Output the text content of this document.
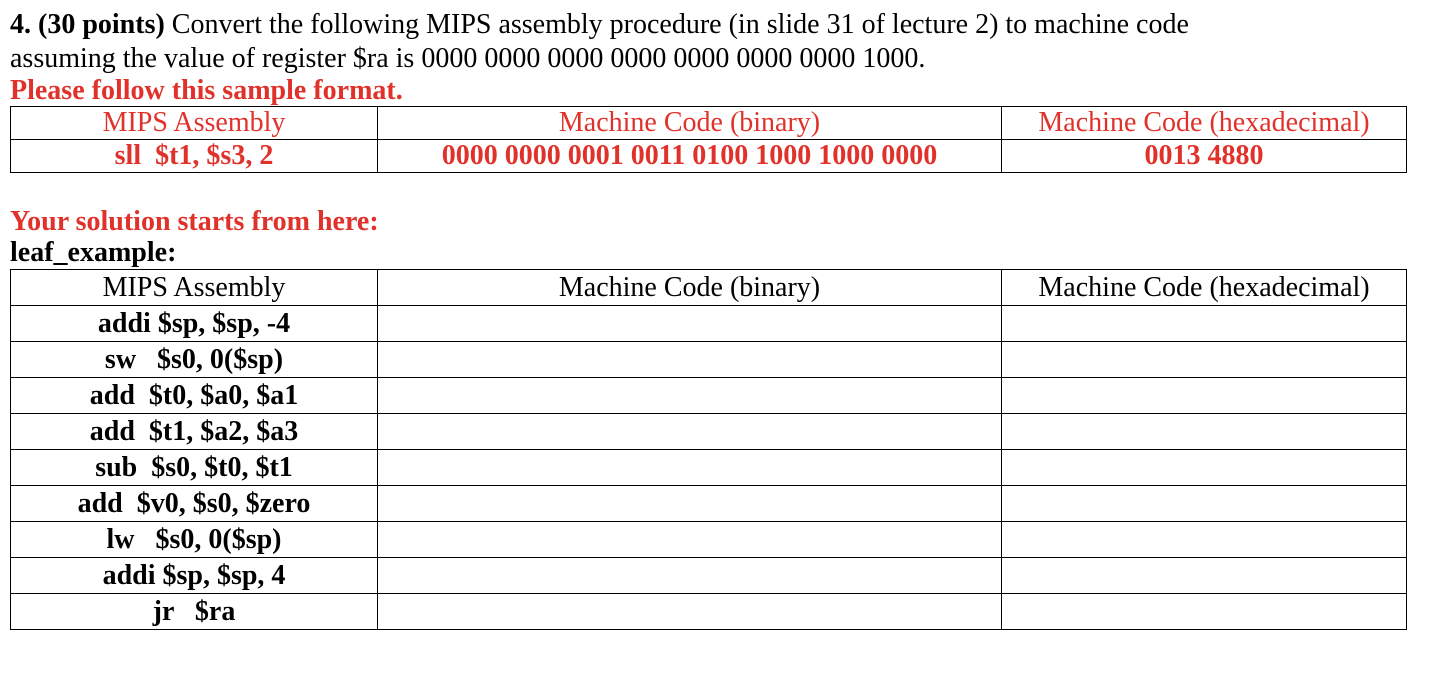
4. (30 points) Convert the following MIPS assembly procedure (in slide 31 of lecture 2) to machine code
assuming the value of register $ra is 0000 0000 0000 0000 0000 0000 0000 1000.
Please follow this sample format.
MIPS Assembly	Machine Code (binary)	Machine Code (hexadecimal)
sll  $t1, $s3, 2	0000 0000 0001 0011 0100 1000 1000 0000	0013 4880
Your solution starts from here:
leaf_example:
MIPS Assembly	Machine Code (binary)	Machine Code (hexadecimal)
addi $sp, $sp, -4		
sw   $s0, 0($sp)		
add  $t0, $a0, $a1		
add  $t1, $a2, $a3		
sub  $s0, $t0, $t1		
add  $v0, $s0, $zero		
lw   $s0, 0($sp)		
addi $sp, $sp, 4		
jr   $ra		
